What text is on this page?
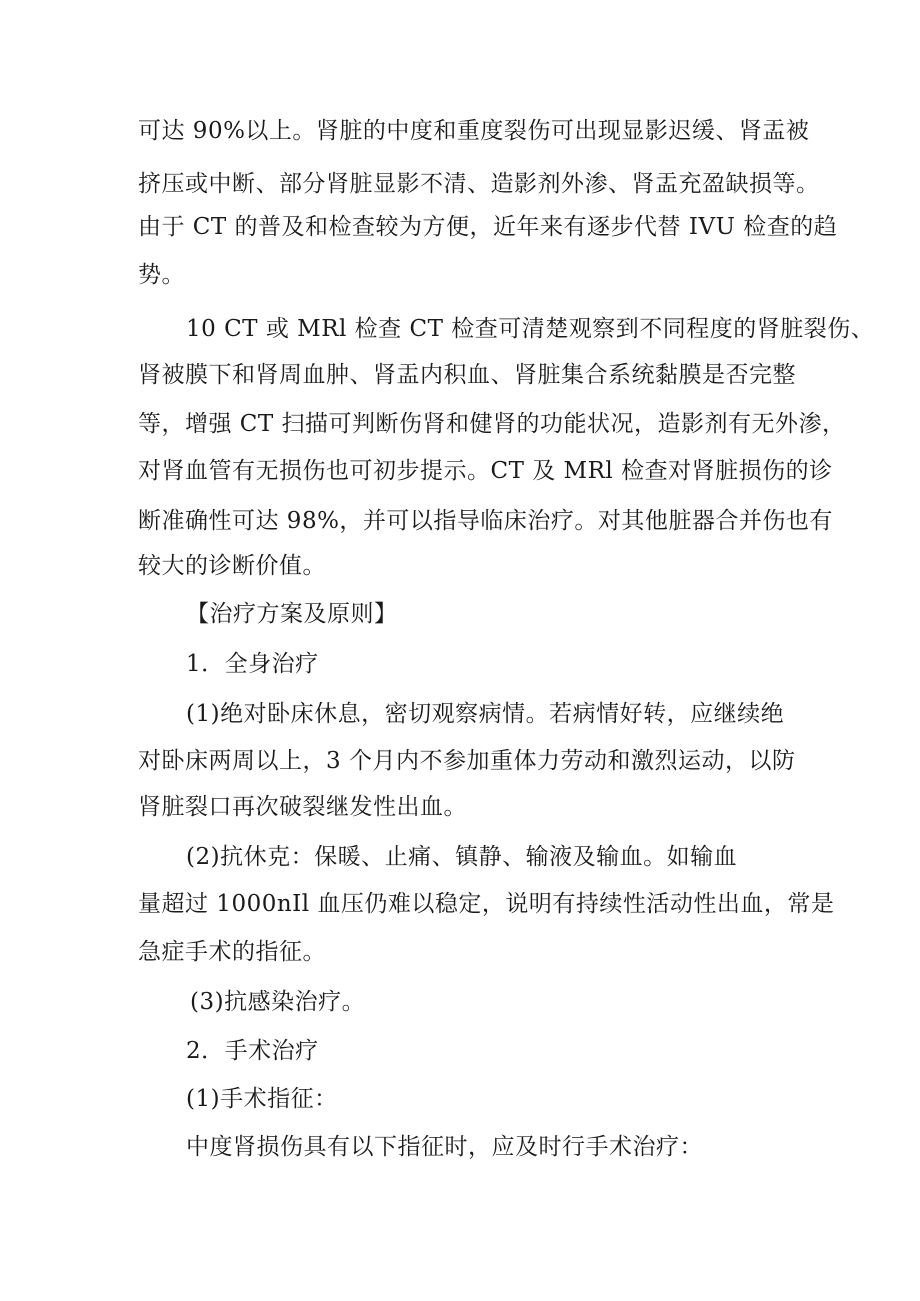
可达 90%以上。肾脏的中度和重度裂伤可出现显影迟缓、肾盂被
挤压或中断、部分肾脏显影不清、造影剂外渗、肾盂充盈缺损等。
由于 CT 的普及和检查较为方便，近年来有逐步代替 IVU 检查的趋
势。
10 CT 或 MRl 检查 CT 检查可清楚观察到不同程度的肾脏裂伤、
肾被膜下和肾周血肿、肾盂内积血、肾脏集合系统黏膜是否完整
等，增强 CT 扫描可判断伤肾和健肾的功能状况，造影剂有无外渗，
对肾血管有无损伤也可初步提示。CT 及 MRl 检查对肾脏损伤的诊
断准确性可达 98%，并可以指导临床治疗。对其他脏器合并伤也有
较大的诊断价值。
【治疗方案及原则】
1．全身治疗
(1)绝对卧床休息，密切观察病情。若病情好转，应继续绝
对卧床两周以上，3 个月内不参加重体力劳动和激烈运动，以防
肾脏裂口再次破裂继发性出血。
(2)抗休克：保暖、止痛、镇静、输液及输血。如输血
量超过 1000nIl 血压仍难以稳定，说明有持续性活动性出血，常是
急症手术的指征。
(3)抗感染治疗。
2．手术治疗
(1)手术指征：
中度肾损伤具有以下指征时，应及时行手术治疗：
